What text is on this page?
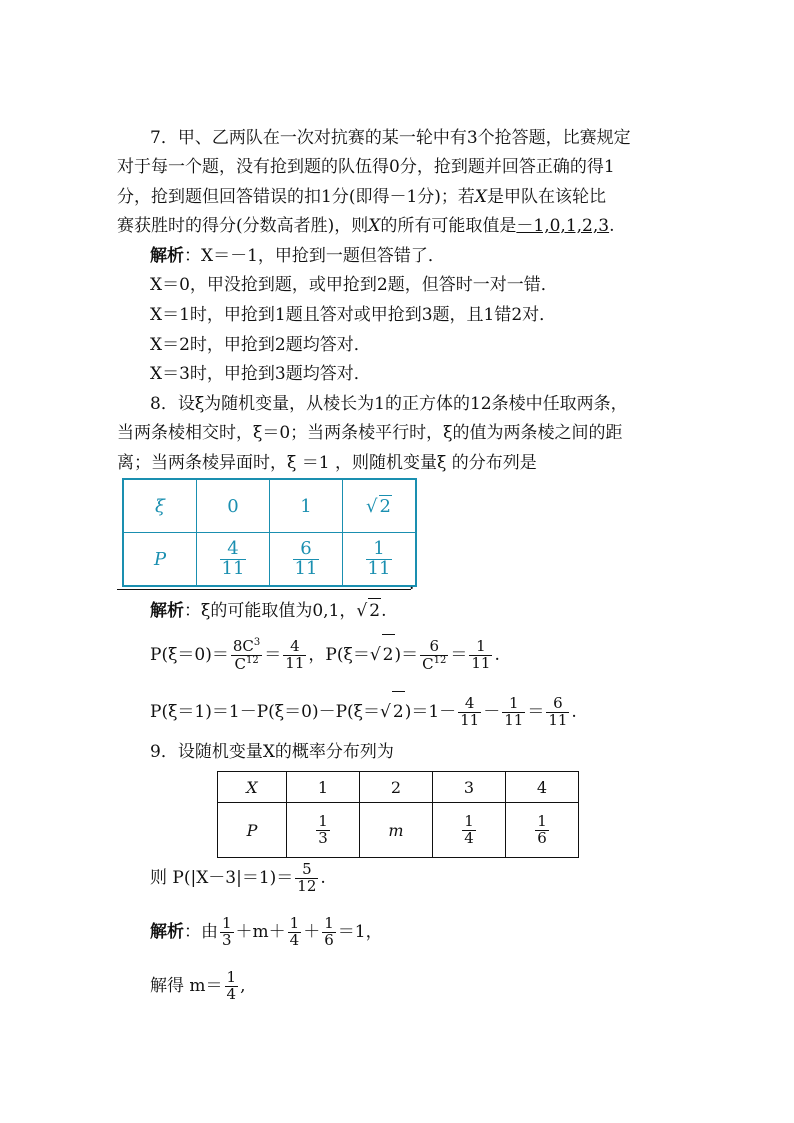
7．甲、乙两队在一次对抗赛的某一轮中有3个抢答题，比赛规定
对于每一个题，没有抢到题的队伍得0分，抢到题并回答正确的得1
分，抢到题但回答错误的扣1分(即得－1分)；若X是甲队在该轮比
赛获胜时的得分(分数高者胜)，则X的所有可能取值是－1,0,1,2,3.
解析：X＝－1，甲抢到一题但答错了．
X＝0，甲没抢到题，或甲抢到2题，但答时一对一错．
X＝1时，甲抢到1题且答对或甲抢到3题，且1错2对．
X＝2时，甲抢到2题均答对．
X＝3时，甲抢到3题均答对．
8．设ξ为随机变量，从棱长为1的正方体的12条棱中任取两条，
当两条棱相交时，ξ＝0；当两条棱平行时，ξ的值为两条棱之间的距
离；当两条棱异面时，ξ ＝1 ，则随机变量ξ 的分布列是
ξ	0	1	√ 2
P	$\frac{4}{11}$	$\frac{6}{11}$	$\frac{1}{11}$
.
解析：ξ的可能取值为0,1，√ 2.
$P(\xi=0)= \frac{8C^3}{C^{12}} = \frac{4}{11}$ ，P(ξ＝√ $2)= \frac{6}{C^{12}} = \frac{1}{11}$ .
P(ξ＝1)＝1－P(ξ＝0)－P(ξ＝√ $2)=1- \frac{4}{11} - \frac{1}{11} = \frac{6}{11}$ .
9．设随机变量X的概率分布列为
X	1	2	3	4
P	$\frac{1}{3}$	m	$\frac{1}{4}$	$\frac{1}{6}$
则 $P(|X-3|=1)= \frac{5}{12}$ .
解析：由 $\frac{1}{3} +m+ \frac{1}{4} + \frac{1}{6} =1$，
解得 $m= \frac{1}{4}$ ,
